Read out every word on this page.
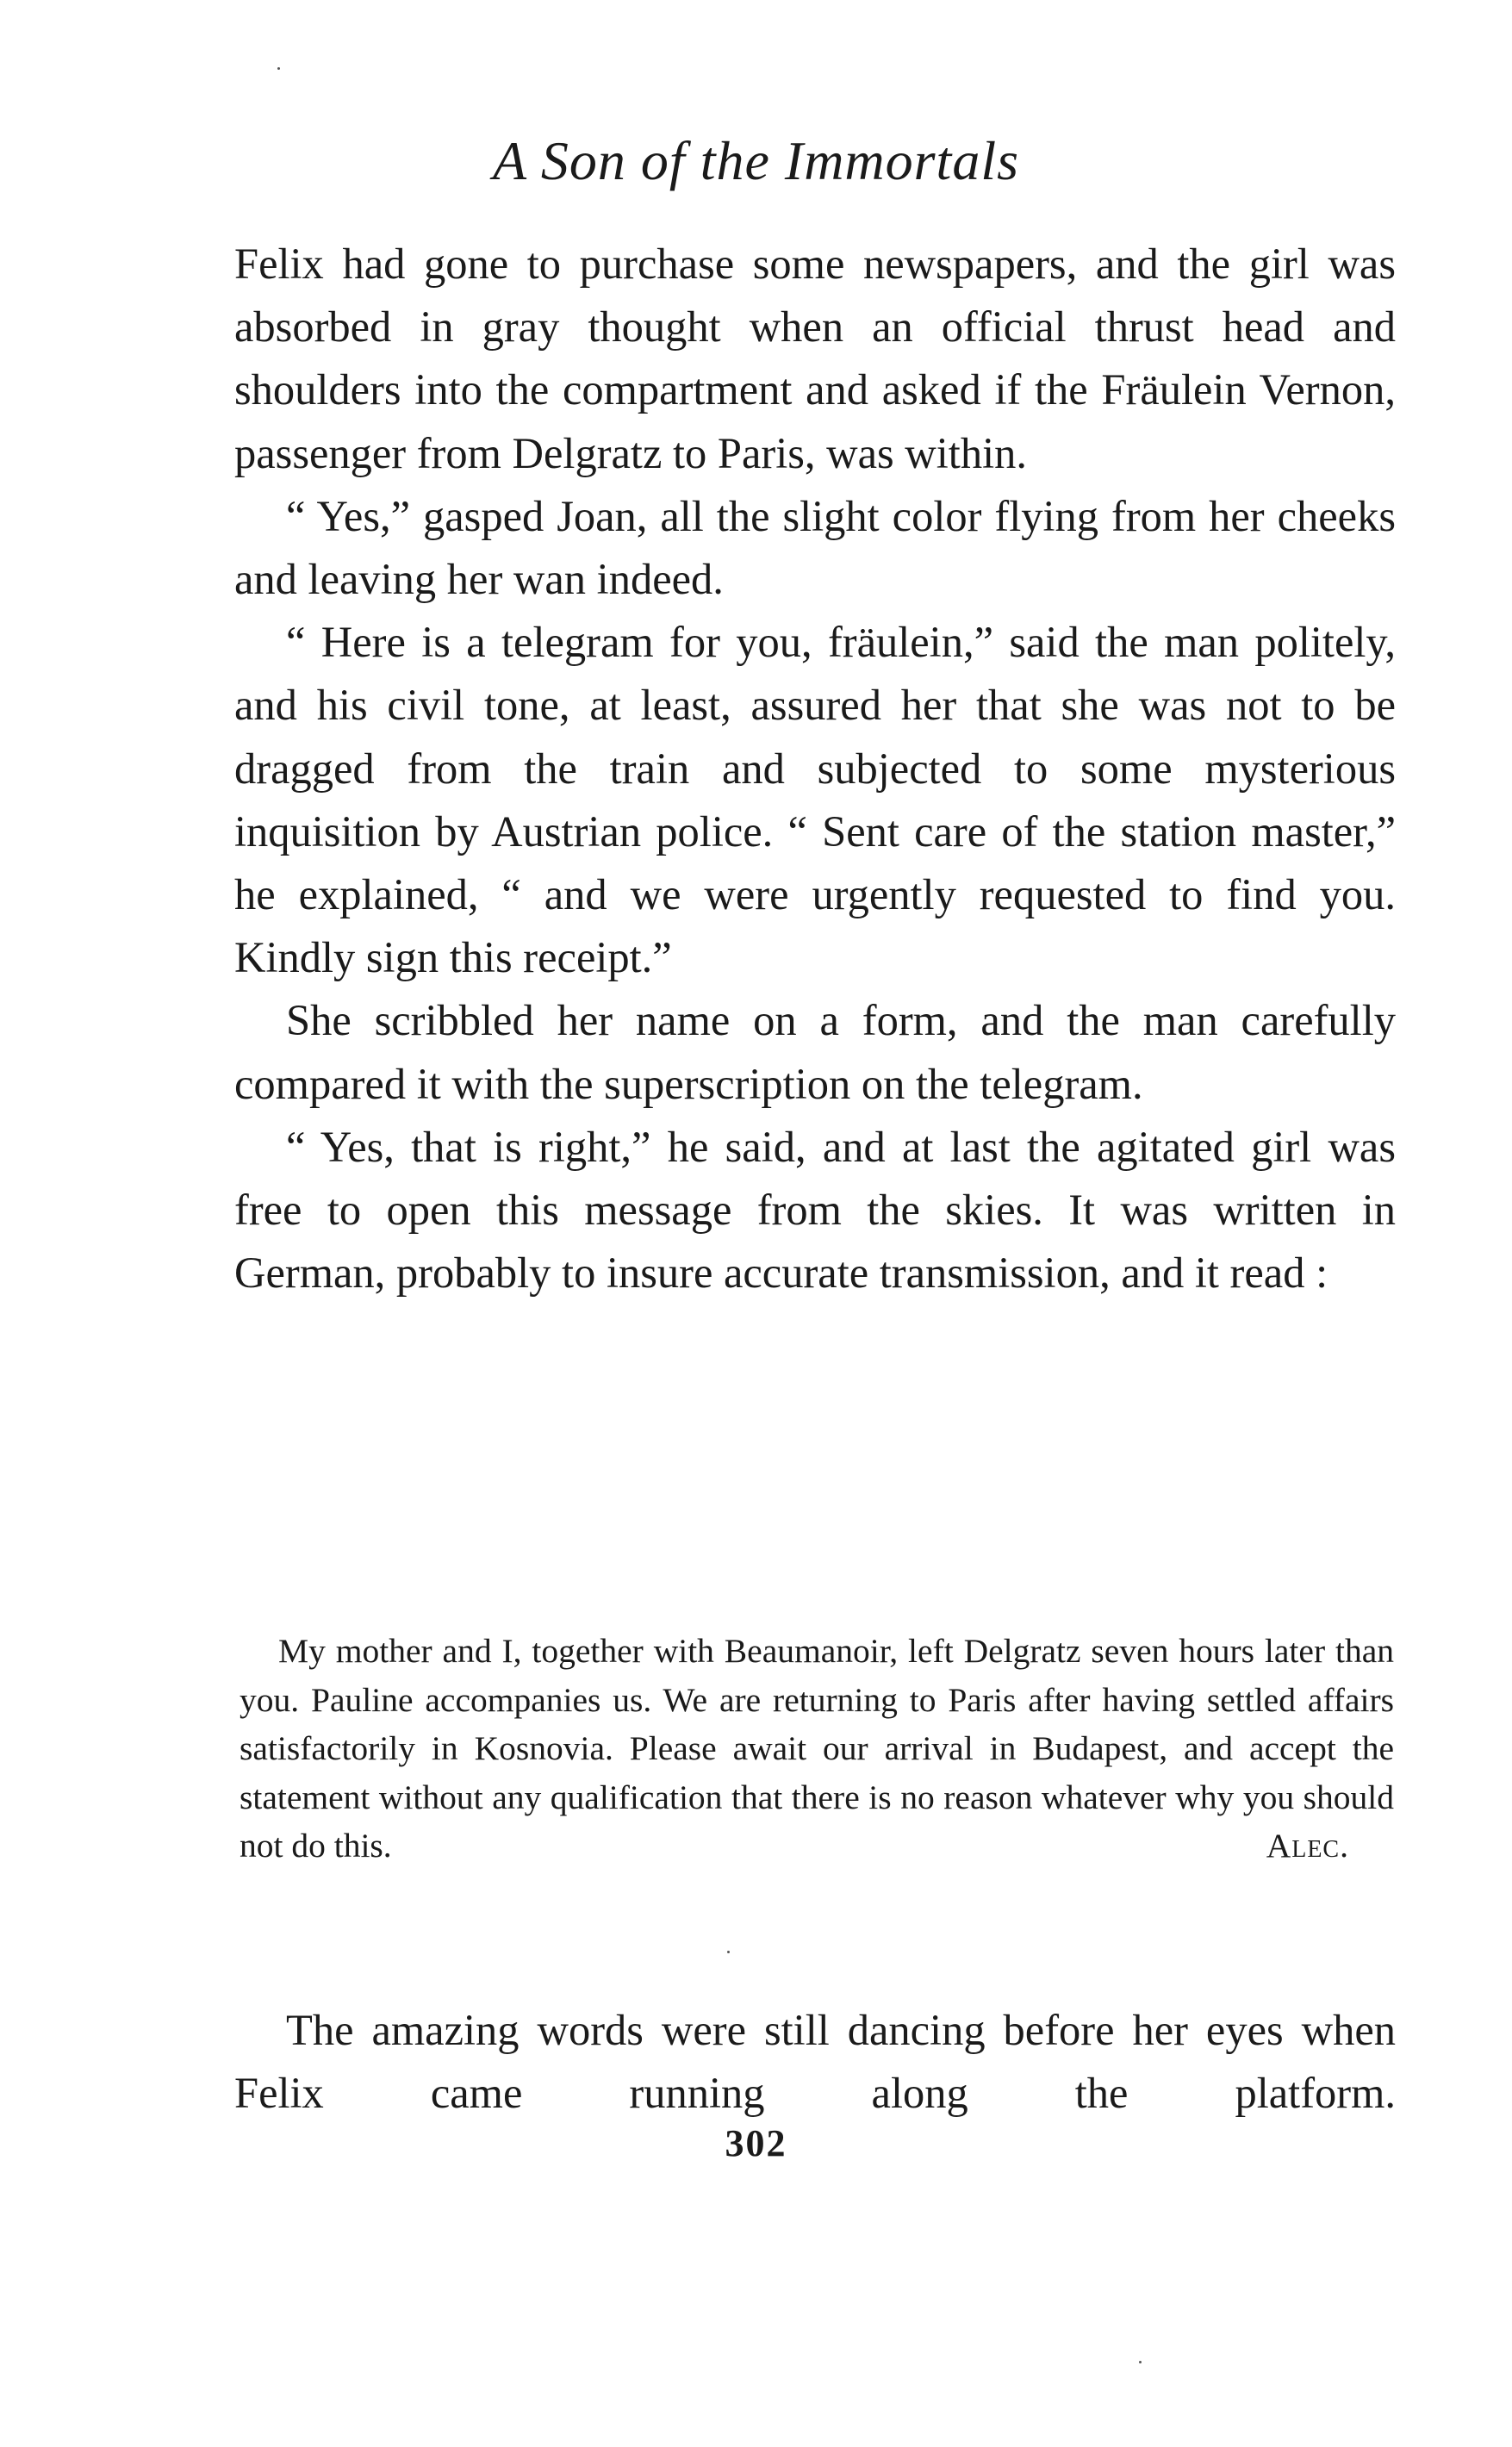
A Son of the Immortals

Felix had gone to purchase some newspapers, and the girl was absorbed in gray thought when an official thrust head and shoulders into the compartment and asked if the Fräulein Vernon, passenger from Delgratz to Paris, was within.

“ Yes,” gasped Joan, all the slight color flying from her cheeks and leaving her wan indeed.

“ Here is a telegram for you, fräulein,” said the man politely, and his civil tone, at least, assured her that she was not to be dragged from the train and subjected to some mysterious inquisition by Austrian police. “ Sent care of the station master,” he explained, “ and we were urgently requested to find you. Kindly sign this receipt.”

She scribbled her name on a form, and the man carefully compared it with the superscription on the telegram.

“ Yes, that is right,” he said, and at last the agitated girl was free to open this message from the skies. It was written in German, probably to insure accurate transmission, and it read :

My mother and I, together with Beaumanoir, left Delgratz seven hours later than you. Pauline accompanies us. We are returning to Paris after having settled affairs satisfactorily in Kosnovia. Please await our arrival in Budapest, and accept the statement without any qualification that there is no reason whatever why you should not do this.	Alec.

The amazing words were still dancing before her eyes when Felix came running along the platform.

302
